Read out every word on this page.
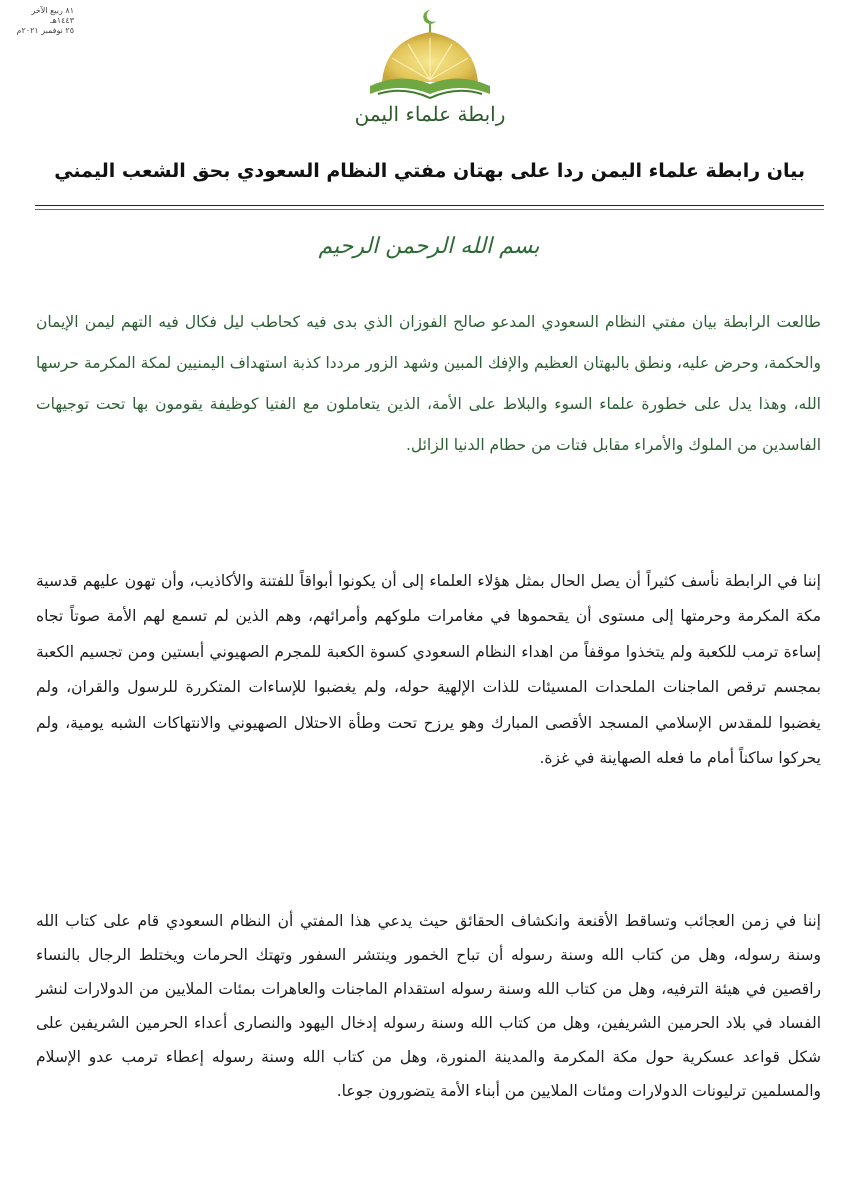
٨١ ربيع الآخر ١٤٤٣هـ
٢٥ نوفمبر ٢٠٢١م
رابطة علماء اليمن
بيان رابطة علماء اليمن ردا على بهتان مفتي النظام السعودي بحق الشعب اليمني
بسم الله الرحمن الرحيم
طالعت الرابطة بيان مفتي النظام السعودي المدعو صالح الفوزان الذي بدى فيه كحاطب ليل فكال فيه التهم ليمن الإيمان والحكمة، وحرض عليه، ونطق بالبهتان العظيم والإفك المبين وشهد الزور مرددا كذبة استهداف اليمنيين لمكة المكرمة حرسها الله، وهذا يدل على خطورة علماء السوء والبلاط على الأمة، الذين يتعاملون مع الفتيا كوظيفة يقومون بها تحت توجيهات الفاسدين من الملوك والأمراء مقابل فتات من حطام الدنيا الزائل.
إننا في الرابطة نأسف كثيراً أن يصل الحال بمثل هؤلاء العلماء إلى أن يكونوا أبواقاً للفتنة والأكاذيب، وأن تهون عليهم قدسية مكة المكرمة وحرمتها إلى مستوى أن يقحموها في مغامرات ملوكهم وأمرائهم، وهم الذين لم تسمع لهم الأمة صوتاً تجاه إساءة ترمب للكعبة ولم يتخذوا موقفاً من اهداء النظام السعودي كسوة الكعبة للمجرم الصهيوني أبستين ومن تجسيم الكعبة بمجسم ترقص الماجنات الملحدات المسيئات للذات الإلهية حوله، ولم يغضبوا للإساءات المتكررة للرسول والقران، ولم يغضبوا للمقدس الإسلامي المسجد الأقصى المبارك وهو يرزح تحت وطأة الاحتلال الصهيوني والانتهاكات الشبه يومية، ولم يحركوا ساكناً أمام ما فعله الصهاينة في غزة.
إننا في زمن العجائب وتساقط الأقنعة وانكشاف الحقائق حيث يدعي هذا المفتي أن النظام السعودي قام على كتاب الله وسنة رسوله، وهل من كتاب الله وسنة رسوله أن تباح الخمور وينتشر السفور وتهتك الحرمات ويختلط الرجال بالنساء راقصين في هيئة الترفيه، وهل من كتاب الله وسنة رسوله استقدام الماجنات والعاهرات بمئات الملايين من الدولارات لنشر الفساد في بلاد الحرمين الشريفين، وهل من كتاب الله وسنة رسوله إدخال اليهود والنصارى أعداء الحرمين الشريفين على شكل قواعد عسكرية حول مكة المكرمة والمدينة المنورة، وهل من كتاب الله وسنة رسوله إعطاء ترمب عدو الإسلام والمسلمين ترليونات الدولارات ومئات الملايين من أبناء الأمة يتضورون جوعا.
